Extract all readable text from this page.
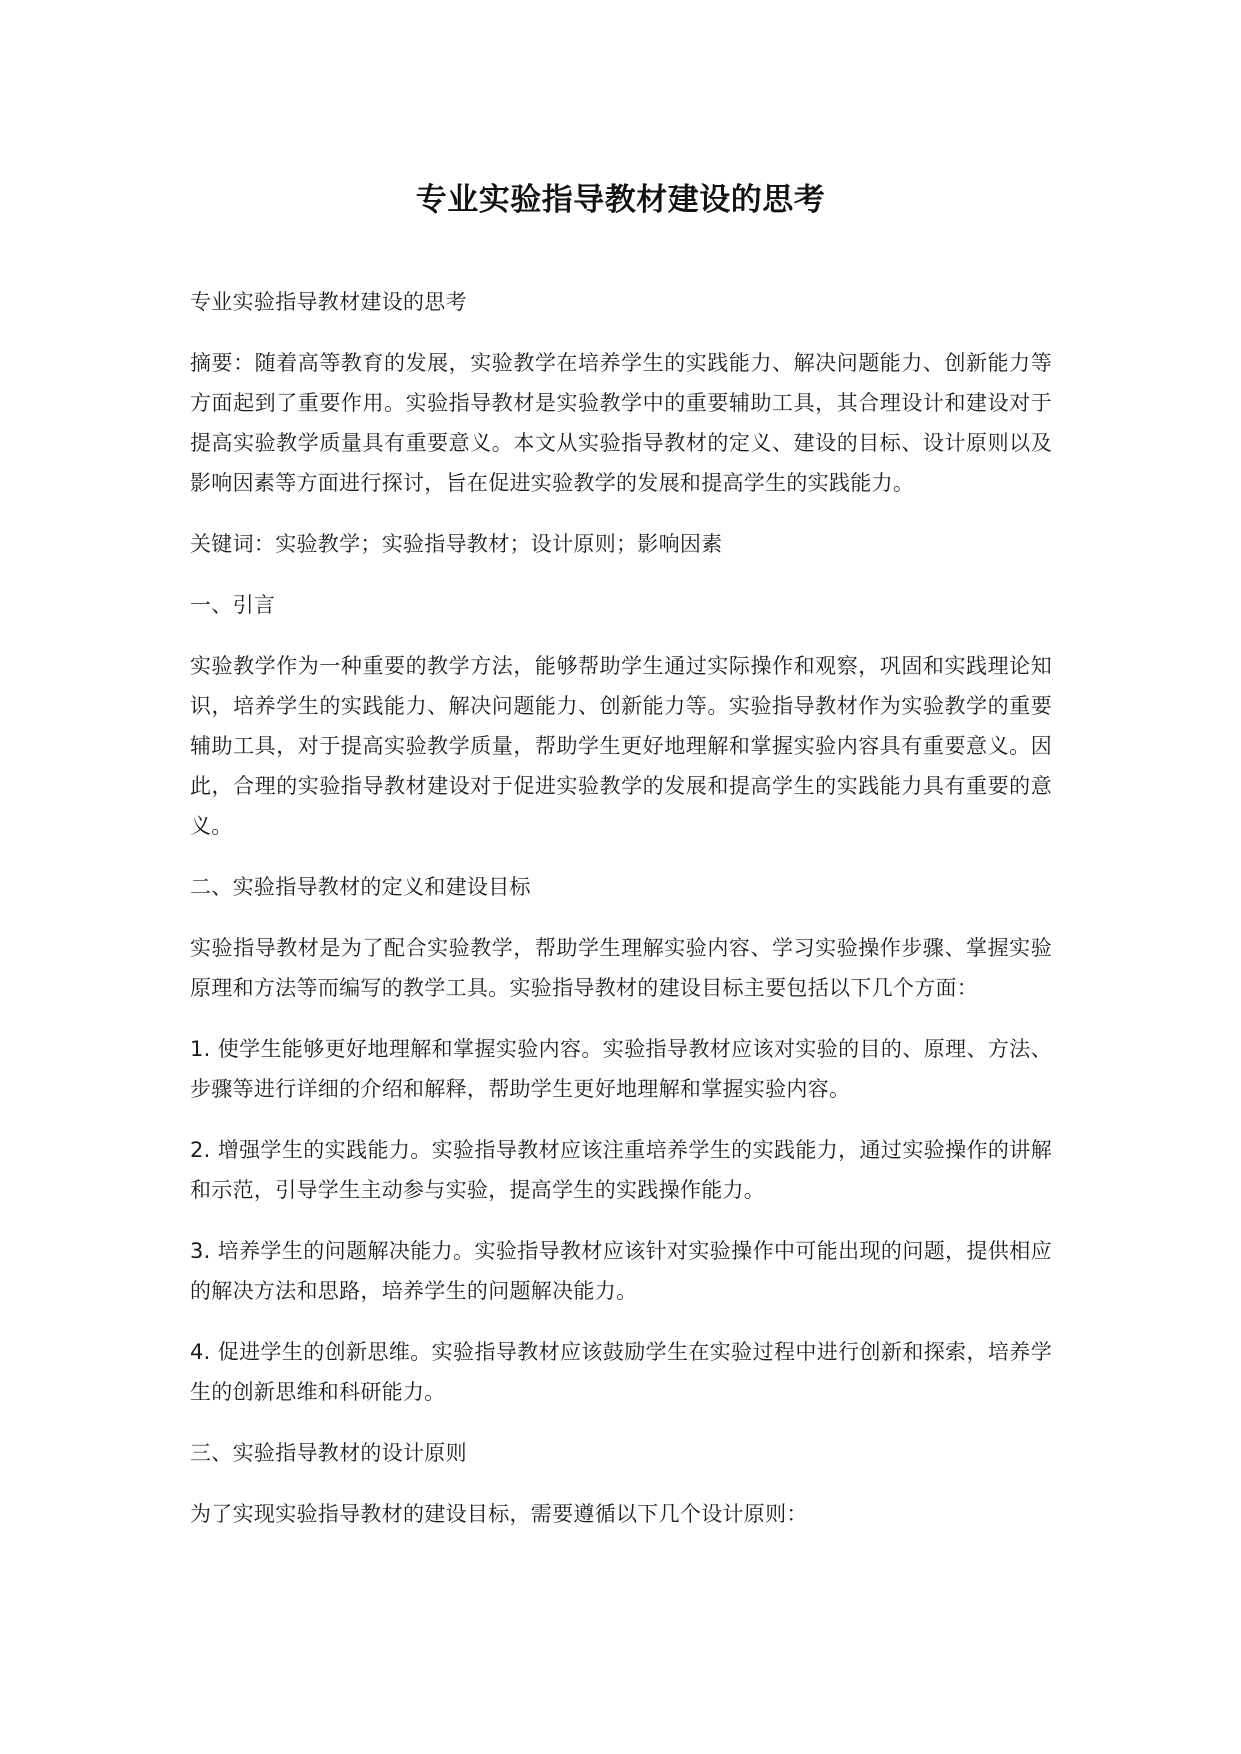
专业实验指导教材建设的思考

专业实验指导教材建设的思考

摘要：随着高等教育的发展，实验教学在培养学生的实践能力、解决问题能力、创新能力等方面起到了重要作用。实验指导教材是实验教学中的重要辅助工具，其合理设计和建设对于提高实验教学质量具有重要意义。本文从实验指导教材的定义、建设的目标、设计原则以及影响因素等方面进行探讨，旨在促进实验教学的发展和提高学生的实践能力。

关键词：实验教学；实验指导教材；设计原则；影响因素

一、引言

实验教学作为一种重要的教学方法，能够帮助学生通过实际操作和观察，巩固和实践理论知识，培养学生的实践能力、解决问题能力、创新能力等。实验指导教材作为实验教学的重要辅助工具，对于提高实验教学质量，帮助学生更好地理解和掌握实验内容具有重要意义。因此，合理的实验指导教材建设对于促进实验教学的发展和提高学生的实践能力具有重要的意义。

二、实验指导教材的定义和建设目标

实验指导教材是为了配合实验教学，帮助学生理解实验内容、学习实验操作步骤、掌握实验原理和方法等而编写的教学工具。实验指导教材的建设目标主要包括以下几个方面：

1. 使学生能够更好地理解和掌握实验内容。实验指导教材应该对实验的目的、原理、方法、步骤等进行详细的介绍和解释，帮助学生更好地理解和掌握实验内容。

2. 增强学生的实践能力。实验指导教材应该注重培养学生的实践能力，通过实验操作的讲解和示范，引导学生主动参与实验，提高学生的实践操作能力。

3. 培养学生的问题解决能力。实验指导教材应该针对实验操作中可能出现的问题，提供相应的解决方法和思路，培养学生的问题解决能力。

4. 促进学生的创新思维。实验指导教材应该鼓励学生在实验过程中进行创新和探索，培养学生的创新思维和科研能力。

三、实验指导教材的设计原则

为了实现实验指导教材的建设目标，需要遵循以下几个设计原则：
